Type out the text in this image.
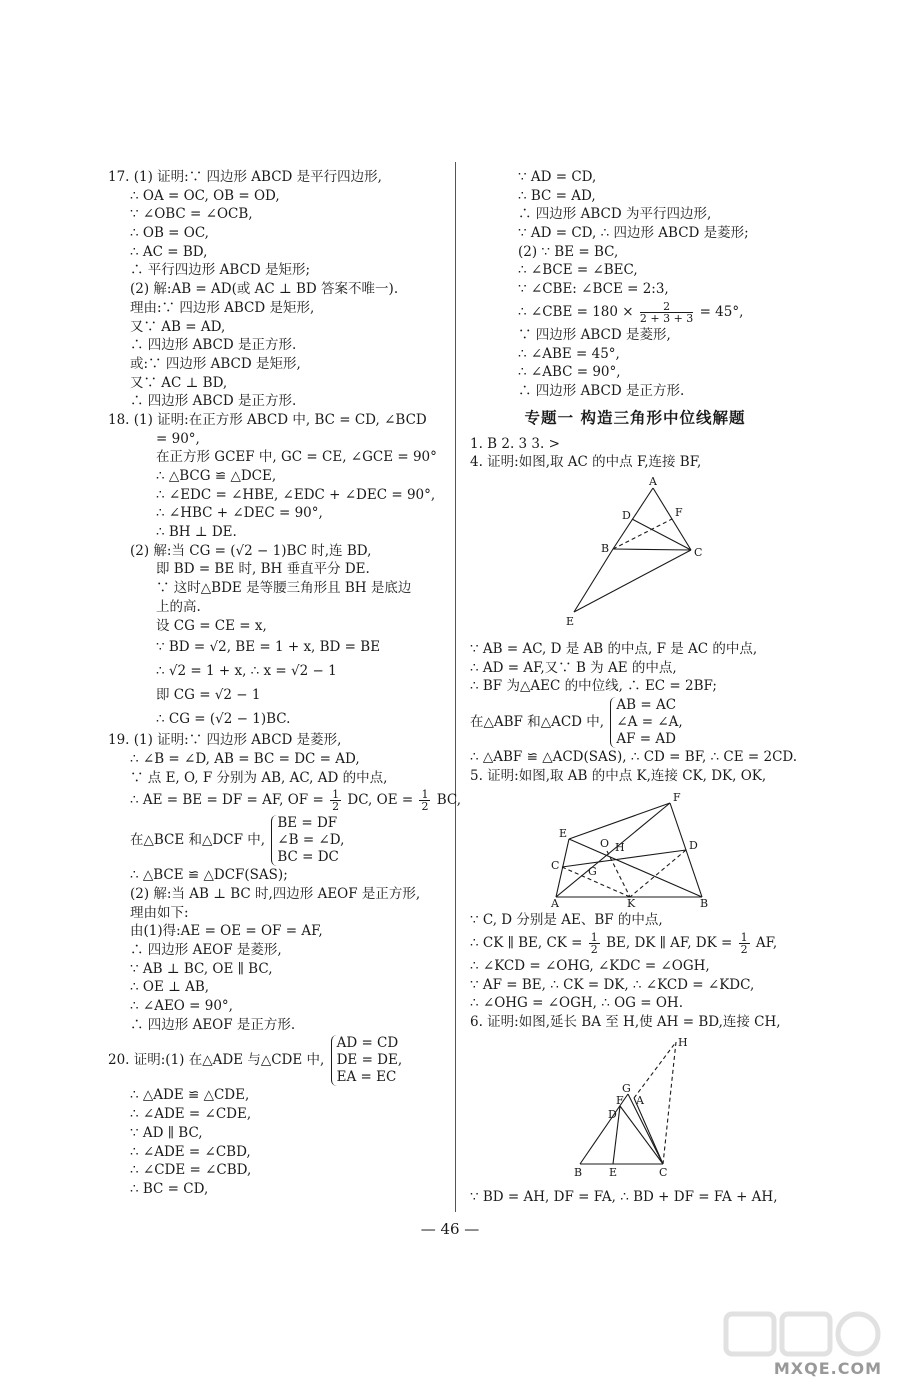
17. (1) 证明:∵ 四边形 ABCD 是平行四边形,
∴ OA = OC, OB = OD,
∵ ∠OBC = ∠OCB,
∴ OB = OC,
∴ AC = BD,
∴ 平行四边形 ABCD 是矩形;
(2) 解:AB = AD(或 AC ⊥ BD 答案不唯一).
理由:∵ 四边形 ABCD 是矩形,
又∵ AB = AD,
∴ 四边形 ABCD 是正方形.
或:∵ 四边形 ABCD 是矩形,
又∵ AC ⊥ BD,
∴ 四边形 ABCD 是正方形.
18. (1) 证明:在正方形 ABCD 中, BC = CD, ∠BCD
= 90°,
在正方形 GCEF 中, GC = CE, ∠GCE = 90°
∴ △BCG ≌ △DCE,
∴ ∠EDC = ∠HBE, ∠EDC + ∠DEC = 90°,
∴ ∠HBC + ∠DEC = 90°,
∴ BH ⊥ DE.
(2) 解:当 CG = (√2 − 1)BC 时,连 BD,
即 BD = BE 时, BH 垂直平分 DE.
∵ 这时△BDE 是等腰三角形且 BH 是底边
上的高.
设 CG = CE = x,
∵ BD = √2, BE = 1 + x, BD = BE
∴ √2 = 1 + x, ∴ x = √2 − 1
即 CG = √2 − 1
∴ CG = (√2 − 1)BC.
19. (1) 证明:∵ 四边形 ABCD 是菱形,
∴ ∠B = ∠D, AB = BC = DC = AD,
∵ 点 E, O, F 分别为 AB, AC, AD 的中点,
∴ AE = BE = DF = AF, OF = $\frac{1}{2}$ DC, OE = $\frac{1}{2}$ BC,
在△BCE 和△DCF 中,
BE = DF
∠B = ∠D,
BC = DC
∴ △BCE ≌ △DCF(SAS);
(2) 解:当 AB ⊥ BC 时,四边形 AEOF 是正方形,
理由如下:
由(1)得:AE = OE = OF = AF,
∴ 四边形 AEOF 是菱形,
∵ AB ⊥ BC, OE ∥ BC,
∴ OE ⊥ AB,
∴ ∠AEO = 90°,
∴ 四边形 AEOF 是正方形.
20. 证明:(1) 在△ADE 与△CDE 中,
AD = CD
DE = DE,
EA = EC
∴ △ADE ≌ △CDE,
∴ ∠ADE = ∠CDE,
∵ AD ∥ BC,
∴ ∠ADE = ∠CBD,
∴ ∠CDE = ∠CBD,
∴ BC = CD,
∵ AD = CD,
∴ BC = AD,
∴ 四边形 ABCD 为平行四边形,
∵ AD = CD, ∴ 四边形 ABCD 是菱形;
(2) ∵ BE = BC,
∴ ∠BCE = ∠BEC,
∵ ∠CBE: ∠BCE = 2:3,
∴ ∠CBE = $180 \times \frac{2}{2 + 3 + 3} = 45^\circ$,
∵ 四边形 ABCD 是菱形,
∴ ∠ABE = 45°,
∴ ∠ABC = 90°,
∴ 四边形 ABCD 是正方形.
专题一 构造三角形中位线解题
1. B 2. 3 3. >
4. 证明:如图,取 AC 的中点 F,连接 BF,
A
D	F
B	C
E
∵ AB = AC, D 是 AB 的中点, F 是 AC 的中点,
∴ AD = AF,又∵ B 为 AE 的中点,
∴ BF 为△AEC 的中位线, ∴ EC = 2BF;
在△ABF 和△ACD 中,
AB = AC
∠A = ∠A,
AF = AD
∴ △ABF ≌ △ACD(SAS), ∴ CD = BF, ∴ CE = 2CD.
5. 证明:如图,取 AB 的中点 K,连接 CK, DK, OK,
F
E
O H	D
C	G
A	K	B
∵ C, D 分别是 AE、BF 的中点,
∴ CK ∥ BE, CK = $\frac{1}{2}$ BE, DK ∥ AF, DK = $\frac{1}{2}$ AF,
∴ ∠KCD = ∠OHG, ∠KDC = ∠OGH,
∵ AF = BE, ∴ CK = DK, ∴ ∠KCD = ∠KDC,
∴ ∠OHG = ∠OGH, ∴ OG = OH.
6. 证明:如图,延长 BA 至 H,使 AH = BD,连接 CH,
H
G
F A
D
B E	C
∵ BD = AH, DF = FA, ∴ BD + DF = FA + AH,
— 46 —
MXQE.COM
